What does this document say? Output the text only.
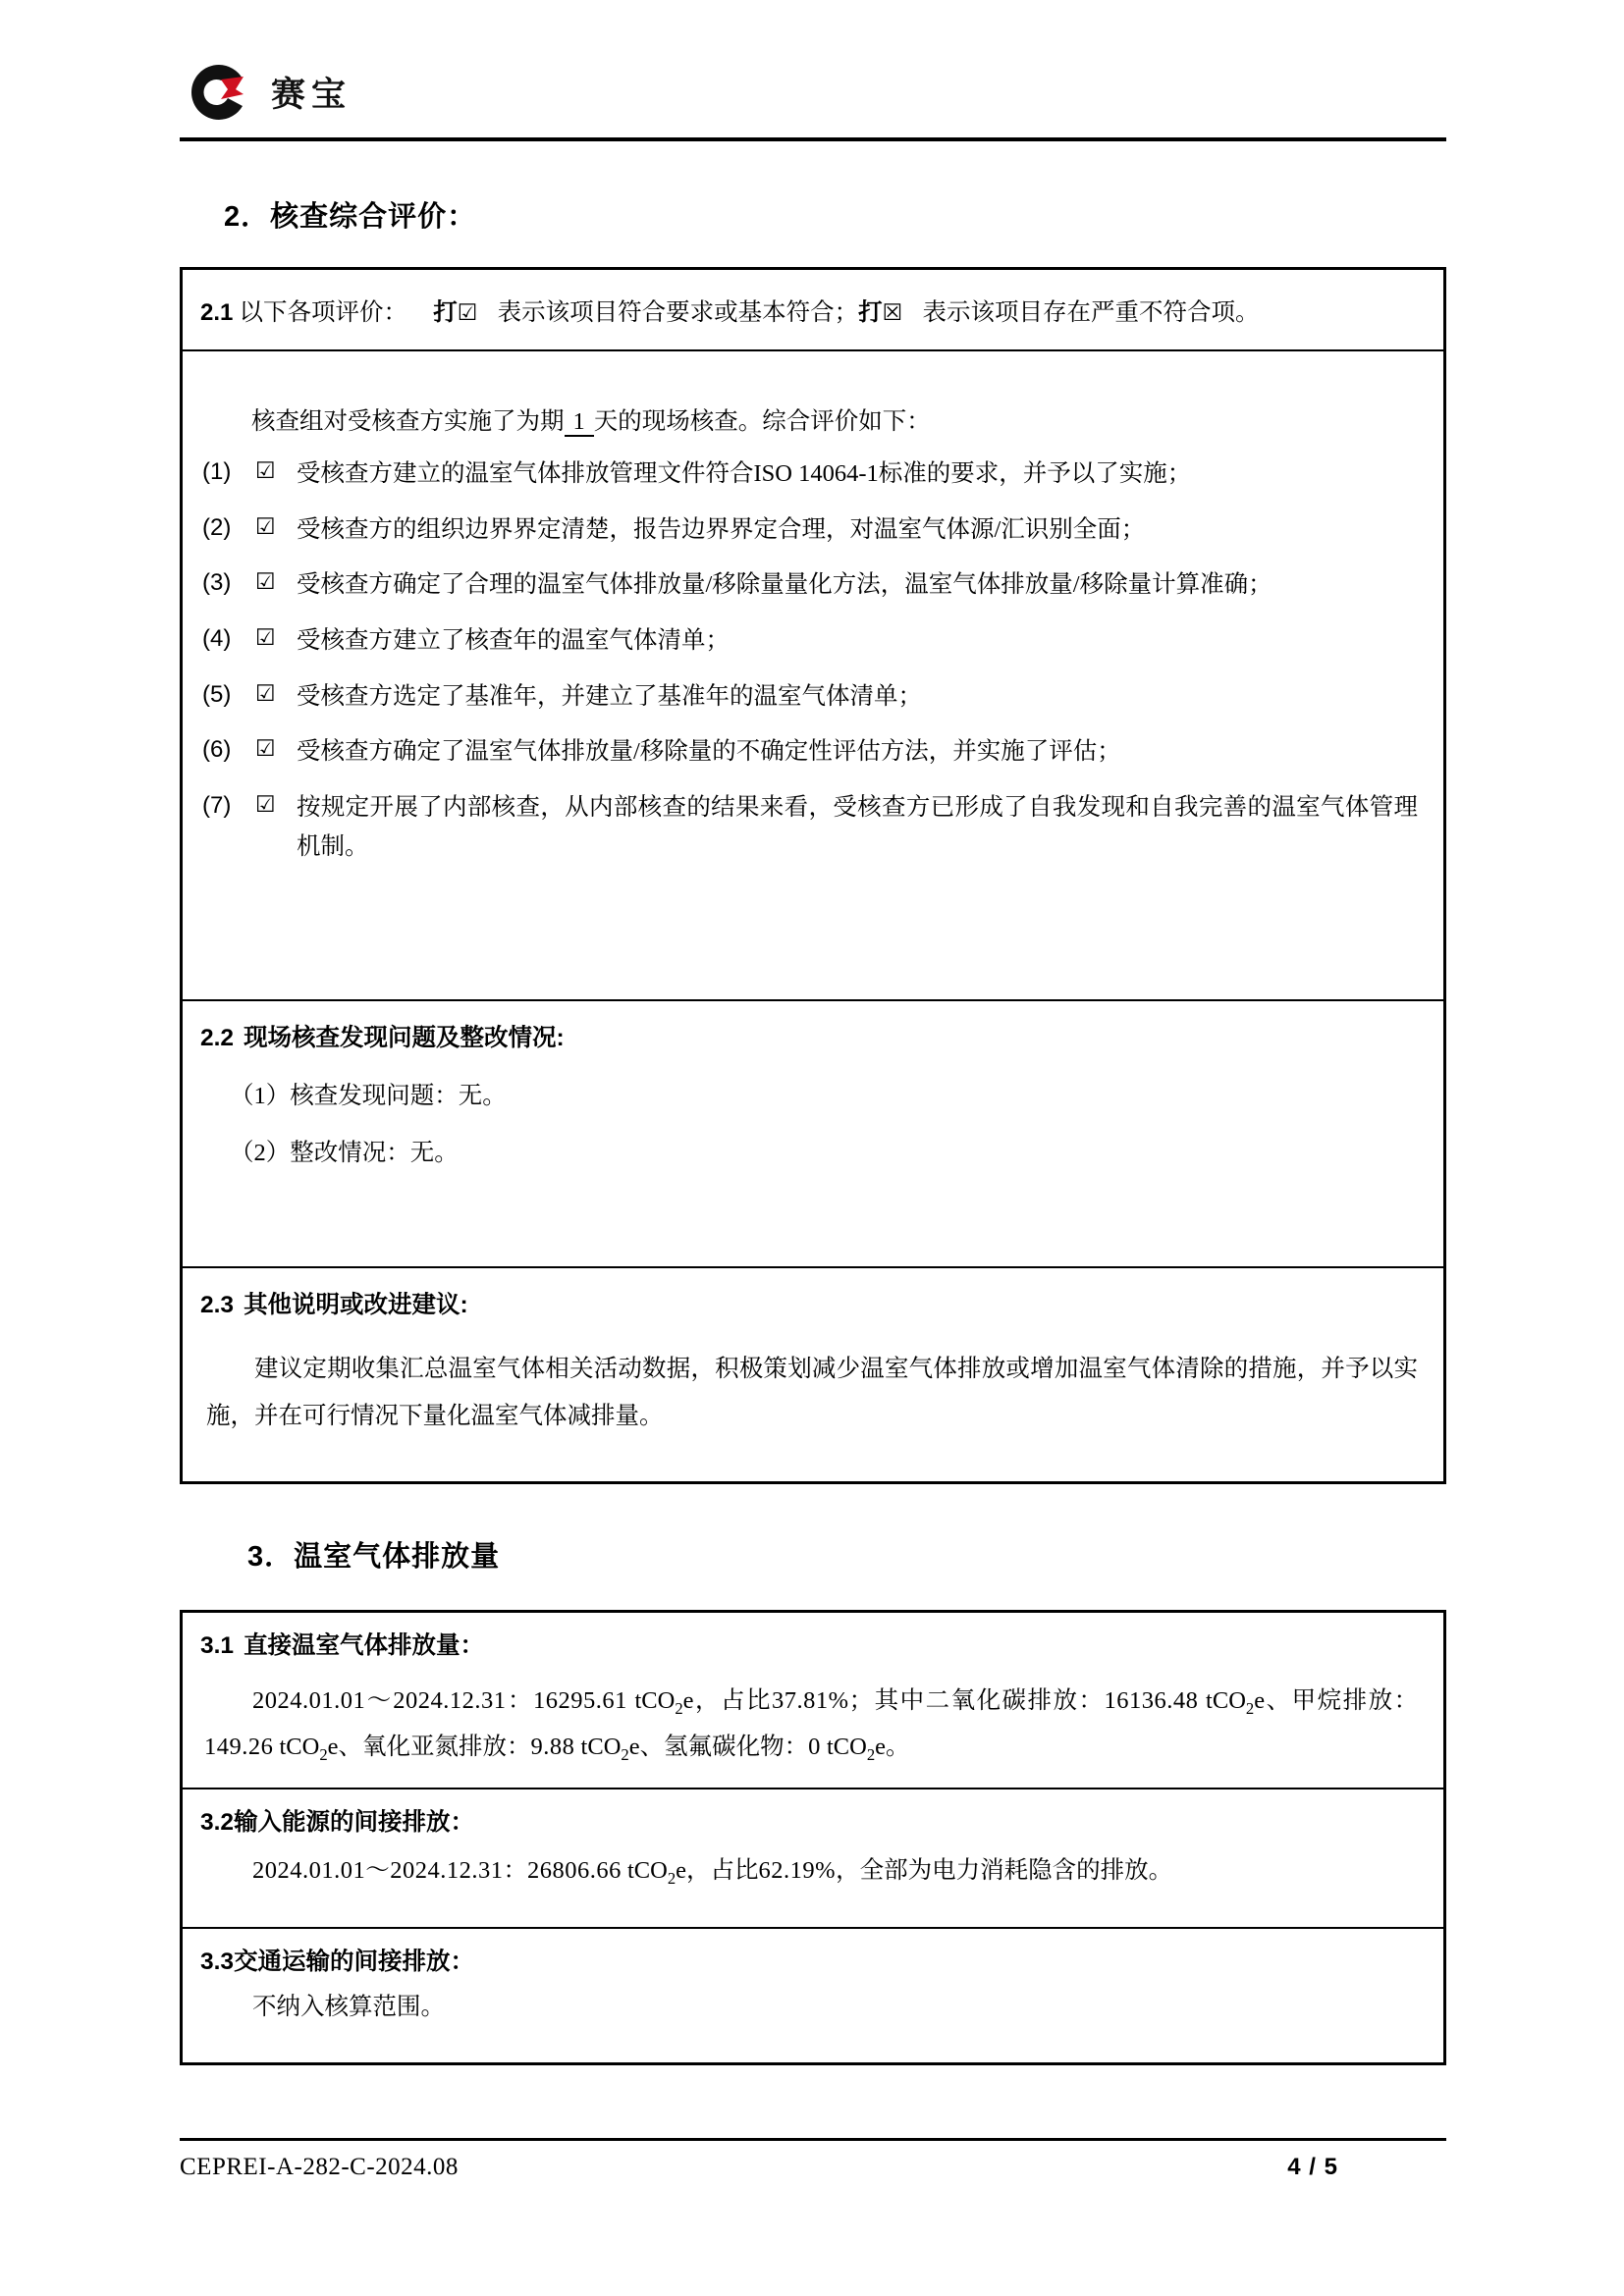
赛宝
2．核查综合评价：
2.1 以下各项评价： 打☑ 表示该项目符合要求或基本符合；打☒ 表示该项目存在严重不符合项。
核查组对受核查方实施了为期 1 天的现场核查。综合评价如下：
(1)	☑ 受核查方建立的温室气体排放管理文件符合ISO 14064-1标准的要求，并予以了实施；
(2)	☑ 受核查方的组织边界界定清楚，报告边界界定合理，对温室气体源/汇识别全面；
(3)	☑ 受核查方确定了合理的温室气体排放量/移除量量化方法，温室气体排放量/移除量计算准确；
(4)	☑ 受核查方建立了核查年的温室气体清单；
(5)	☑ 受核查方选定了基准年，并建立了基准年的温室气体清单；
(6)	☑ 受核查方确定了温室气体排放量/移除量的不确定性评估方法，并实施了评估；
(7)	☑ 按规定开展了内部核查，从内部核查的结果来看，受核查方已形成了自我发现和自我完善的温室气体管理机制。
2.2 现场核查发现问题及整改情况:
（1）核查发现问题：无。
（2）整改情况：无。
2.3 其他说明或改进建议:
建议定期收集汇总温室气体相关活动数据，积极策划减少温室气体排放或增加温室气体清除的措施，并予以实施，并在可行情况下量化温室气体减排量。
3．温室气体排放量
3.1 直接温室气体排放量：
2024.01.01～2024.12.31：16295.61 tCO$_2$e，占比37.81%；其中二氧化碳排放：16136.48 tCO$_2$e、甲烷排放：149.26 tCO$_2$e、氧化亚氮排放：9.88 tCO$_2$e、氢氟碳化物：0 tCO$_2$e。
3.2输入能源的间接排放：
2024.01.01～2024.12.31：26806.66 tCO$_2$e，占比62.19%，全部为电力消耗隐含的排放。
3.3交通运输的间接排放：
不纳入核算范围。
CEPREI-A-282-C-2024.08	4 / 5
